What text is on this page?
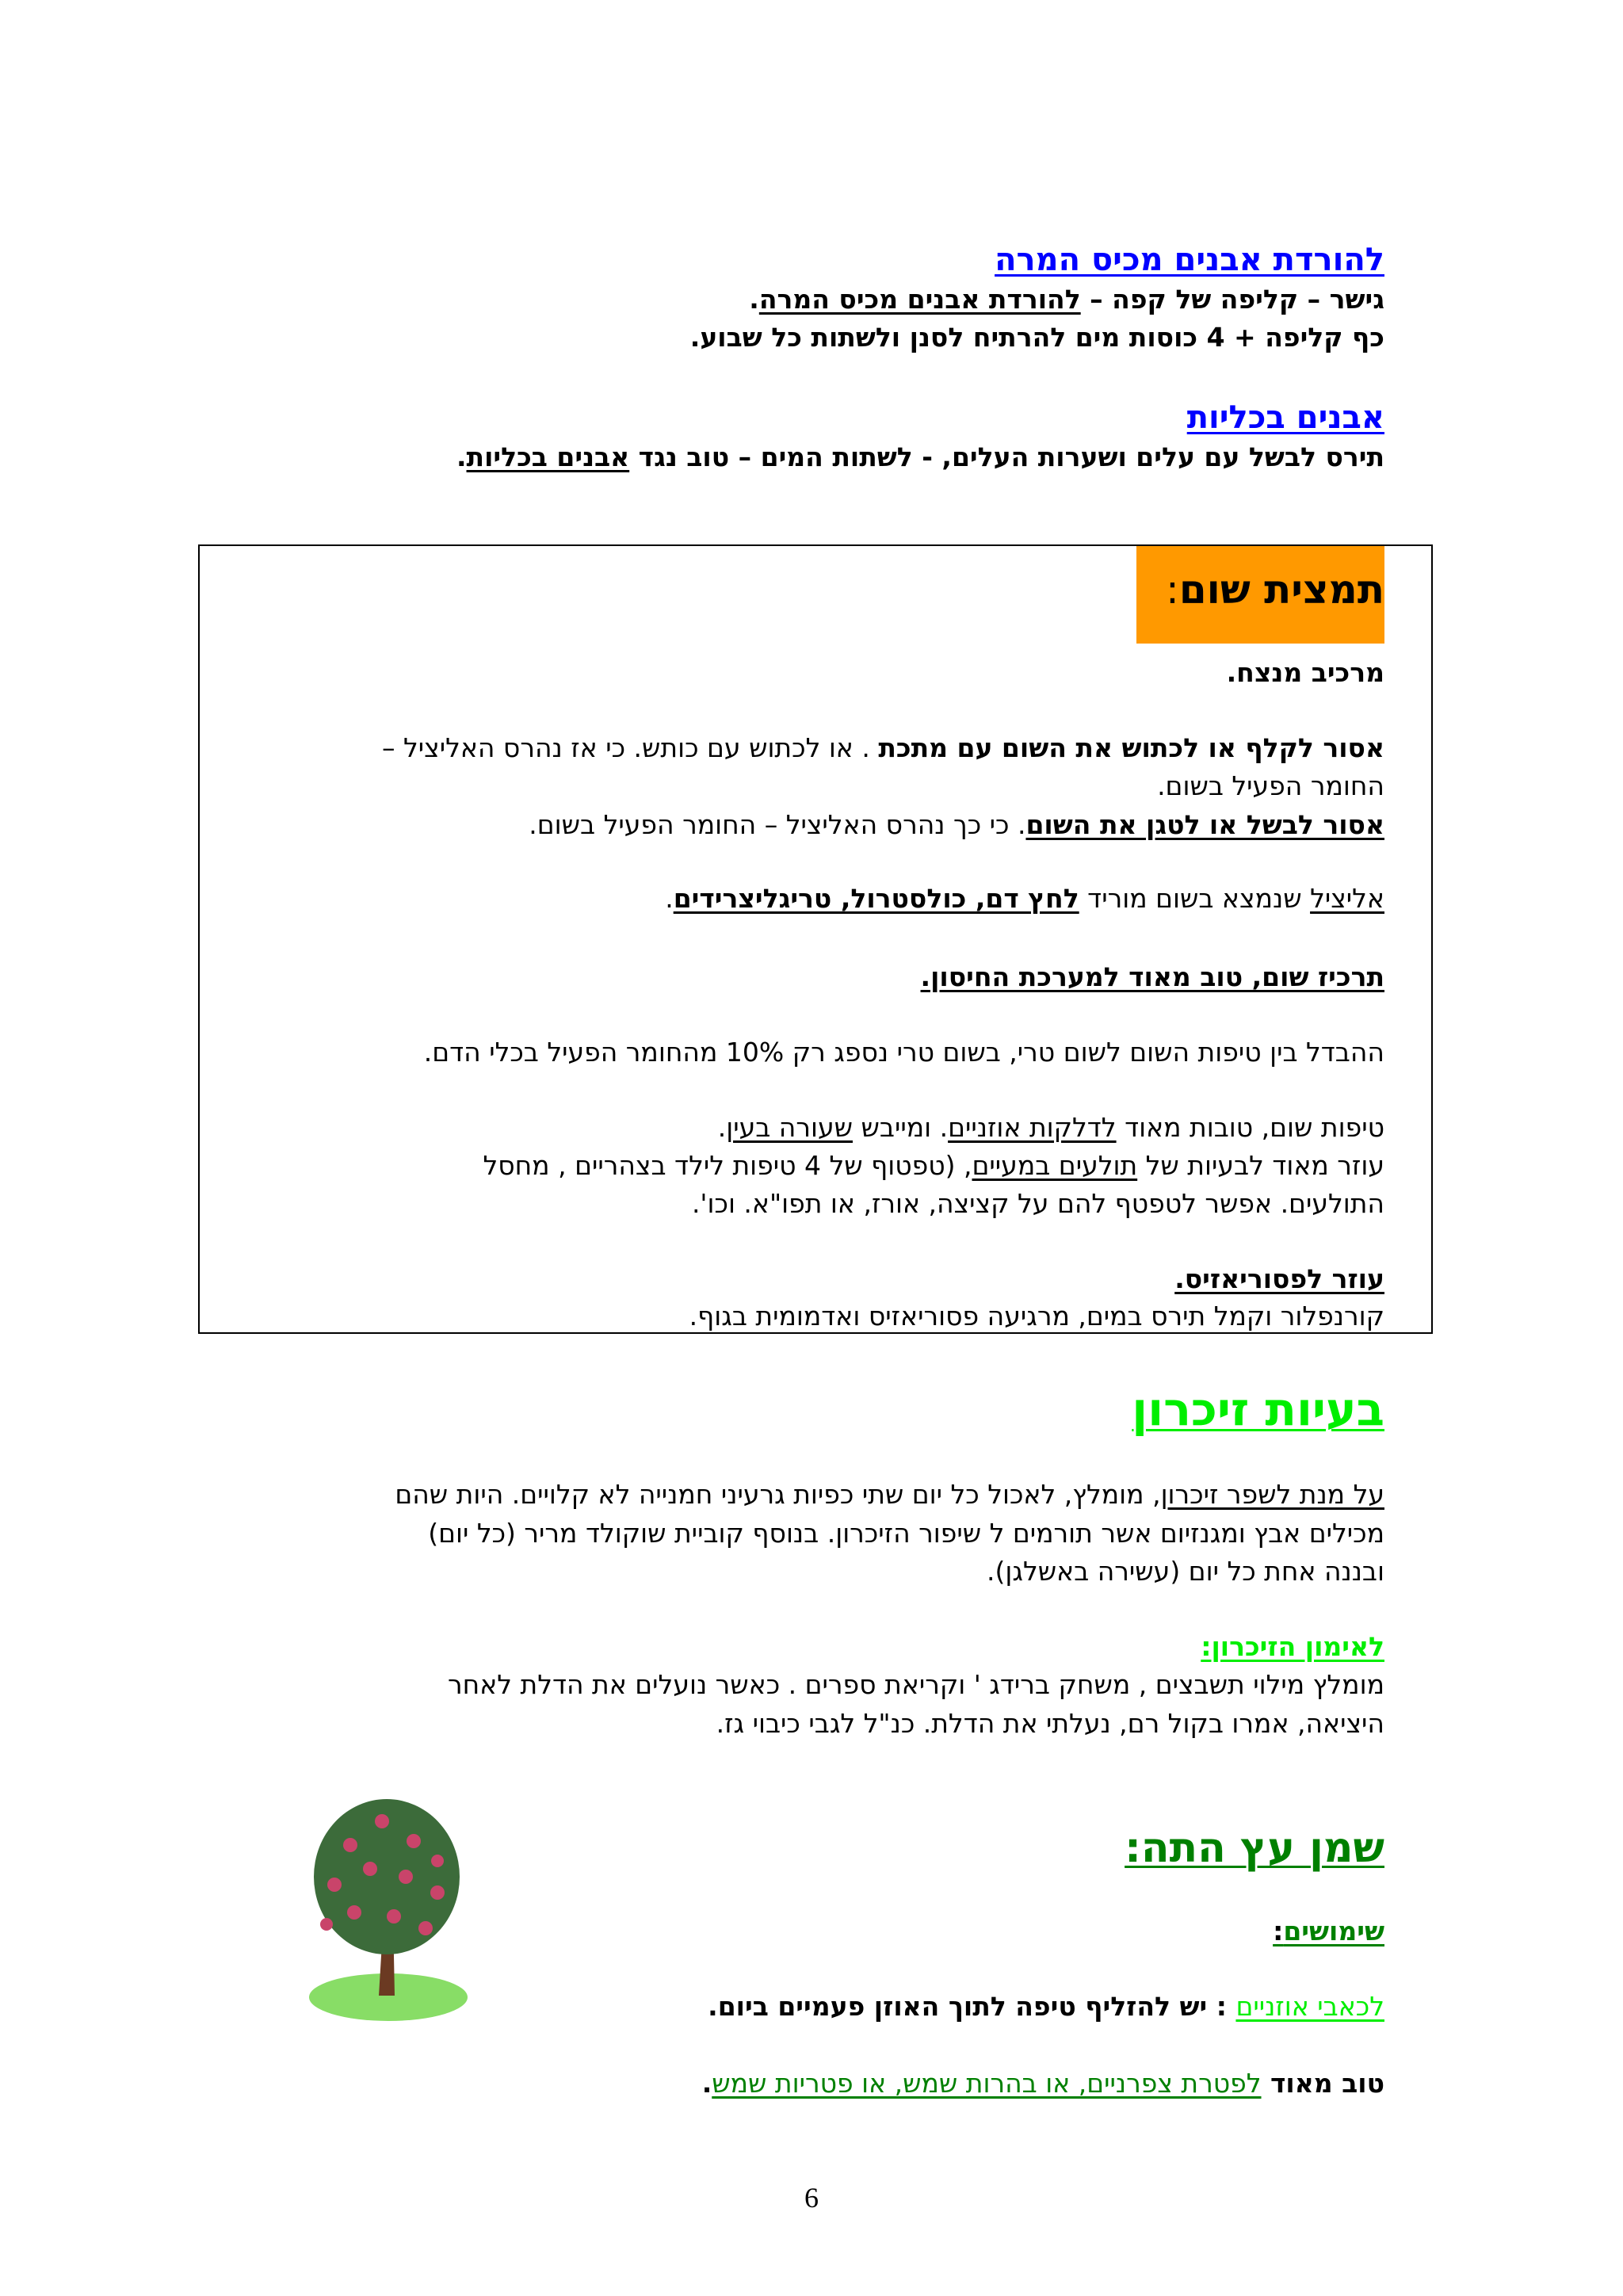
להורדת אבנים מכיס המרה
גישר – קליפה של קפה – להורדת אבנים מכיס המרה.
כף קליפה + 4 כוסות מים להרתיח לסנן ולשתות כל שבוע.
אבנים בכליות
תירס לבשל עם עלים ושערות העלים, - לשתות המים – טוב נגד אבנים בכליות.
תמצית שום:
מרכיב מנצח.
אסור לקלף או לכתוש את השום עם מתכת . או לכתוש עם כותש. כי אז נהרס האליציל –
החומר הפעיל בשום.
אסור לבשל או לטגן את השום. כי כך נהרס האליציל – החומר הפעיל בשום.
אליציל שנמצא בשום מוריד לחץ דם, כולסטרול, טריגליצרידים.
תרכיז שום, טוב מאוד למערכת החיסון.
ההבדל בין טיפות השום לשום טרי, בשום טרי נספג רק 10% מהחומר הפעיל בכלי הדם.
טיפות שום, טובות מאוד לדלקות אוזניים. ומייבש שעורה בעין.
עוזר מאוד לבעיות של תולעים במעיים, (טפטוף של 4 טיפות לילד בצהריים , מחסל
התולעים. אפשר לטפטף להם על קציצה, אורז, או תפו"א. וכו'.
עוזר לפסוריאזיס.
קורנפלור וקמל תירס במים, מרגיעה פסוריאזיס ואדמומית בגוף.
בעיות זיכרון
על מנת לשפר זיכרון, מומלץ, לאכול כל יום שתי כפיות גרעיני חמנייה לא קלויים. היות שהם
מכילים אבץ ומגנזיום אשר תורמים ל שיפור הזיכרון. בנוסף קוביית שוקולד מריר (כל יום)
ובננה אחת כל יום (עשירה באשלגן).
לאימון הזיכרון:
מומלץ מילוי תשבצים , משחק ברידג ' וקריאת ספרים . כאשר נועלים את הדלת לאחר
היציאה, אמרו בקול רם, נעלתי את הדלת. כנ"ל לגבי כיבוי גז.
שמן עץ התה:
שימושים:
לכאבי אוזניים : יש להזליף טיפה לתוך האוזן פעמיים ביום.
טוב מאוד לפטרת צפרניים, או בהרות שמש, או פטריות שמש.
6
